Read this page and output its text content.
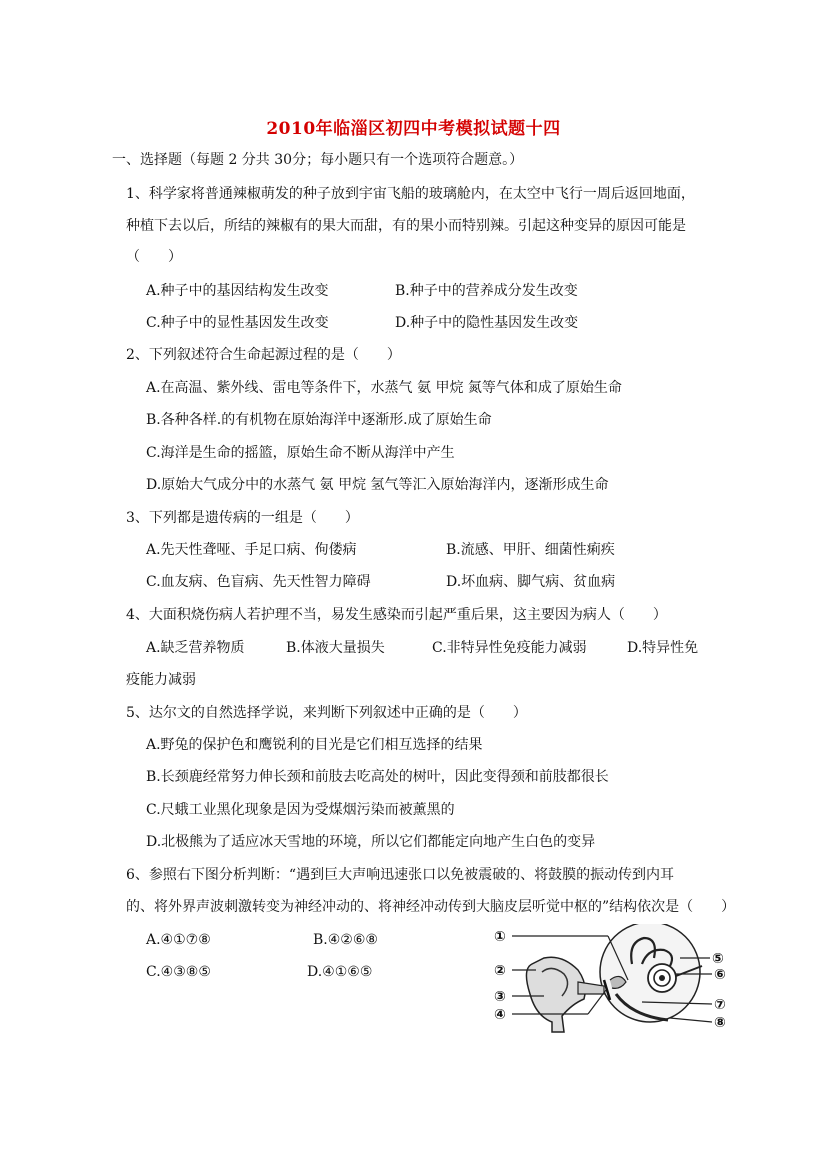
2010年临淄区初四中考模拟试题十四
一、选择题（每题 2 分共 30分；每小题只有一个选项符合题意。）
1、科学家将普通辣椒萌发的种子放到宇宙飞船的玻璃舱内，在太空中飞行一周后返回地面，
种植下去以后，所结的辣椒有的果大而甜，有的果小而特别辣。引起这种变异的原因可能是
（　　）
A.种子中的基因结构发生改变	B.种子中的营养成分发生改变
C.种子中的显性基因发生改变	D.种子中的隐性基因发生改变
2、下列叙述符合生命起源过程的是（　　）
A.在高温、紫外线、雷电等条件下，水蒸气 氨 甲烷 氮等气体和成了原始生命
B.各种各样.的有机物在原始海洋中逐渐形.成了原始生命
C.海洋是生命的摇篮，原始生命不断从海洋中产生
D.原始大气成分中的水蒸气 氨 甲烷 氢气等汇入原始海洋内，逐渐形成生命
3、下列都是遗传病的一组是（　　）
A.先天性聋哑、手足口病、佝偻病	B.流感、甲肝、细菌性痢疾
C.血友病、色盲病、先天性智力障碍	D.坏血病、脚气病、贫血病
4、大面积烧伤病人若护理不当，易发生感染而引起严重后果，这主要因为病人（　　）
A.缺乏营养物质	B.体液大量损失	C.非特异性免疫能力减弱	D.特异性免
疫能力减弱
5、达尔文的自然选择学说，来判断下列叙述中正确的是（　　）
A.野兔的保护色和鹰锐利的目光是它们相互选择的结果
B.长颈鹿经常努力伸长颈和前肢去吃高处的树叶，因此变得颈和前肢都很长
C.尺蛾工业黑化现象是因为受煤烟污染而被薰黑的
D.北极熊为了适应冰天雪地的环境，所以它们都能定向地产生白色的变异
6、参照右下图分析判断：“遇到巨大声响迅速张口以免被震破的、将鼓膜的振动传到内耳
的、将外界声波刺激转变为神经冲动的、将神经冲动传到大脑皮层听觉中枢的”结构依次是（　　）
A.④①⑦⑧	B.④②⑥⑧
C.④③⑧⑤	D.④①⑥⑤
①
②
③
④
⑤
⑥
⑦
⑧
